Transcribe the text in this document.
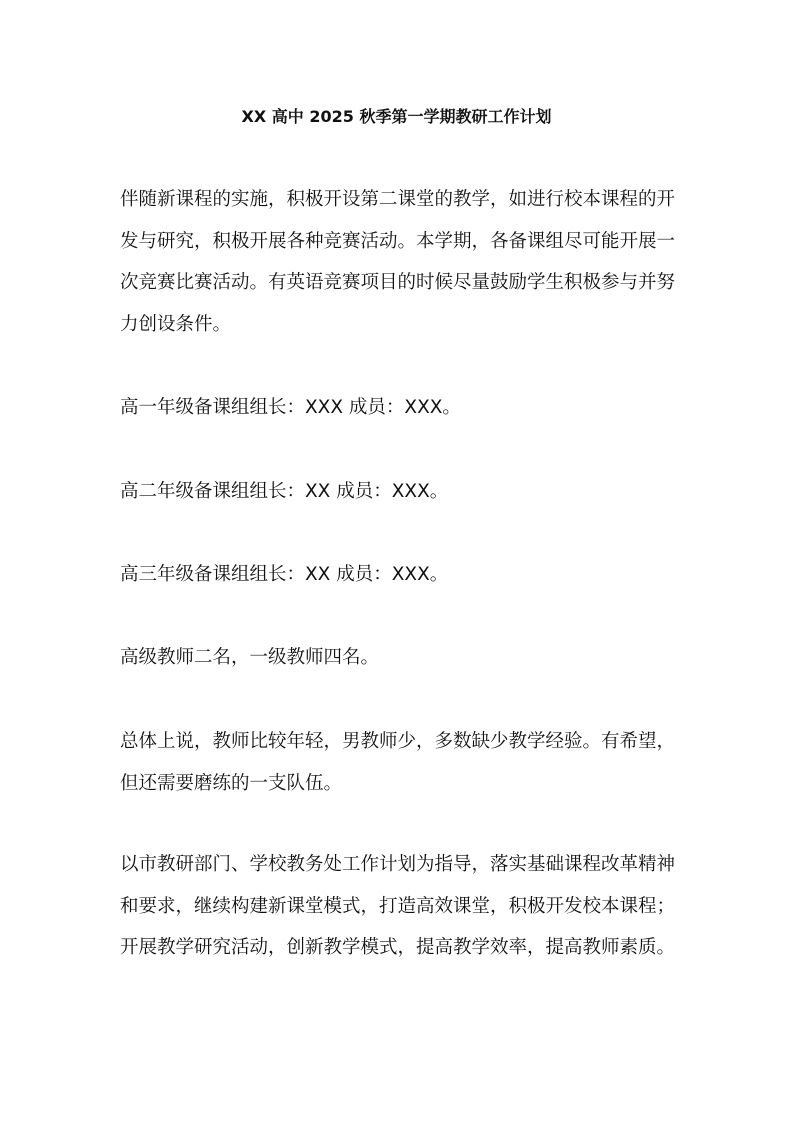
XX 高中 2025 秋季第一学期教研工作计划
伴随新课程的实施，积极开设第二课堂的教学，如进行校本课程的开
发与研究，积极开展各种竞赛活动。本学期，各备课组尽可能开展一
次竞赛比赛活动。有英语竞赛项目的时候尽量鼓励学生积极参与并努
力创设条件。
高一年级备课组组长：XXX 成员：XXX。
高二年级备课组组长：XX 成员：XXX。
高三年级备课组组长：XX 成员：XXX。
高级教师二名，一级教师四名。
总体上说，教师比较年轻，男教师少，多数缺少教学经验。有希望，
但还需要磨练的一支队伍。
以市教研部门、学校教务处工作计划为指导，落实基础课程改革精神
和要求，继续构建新课堂模式，打造高效课堂，积极开发校本课程；
开展教学研究活动，创新教学模式，提高教学效率，提高教师素质。
